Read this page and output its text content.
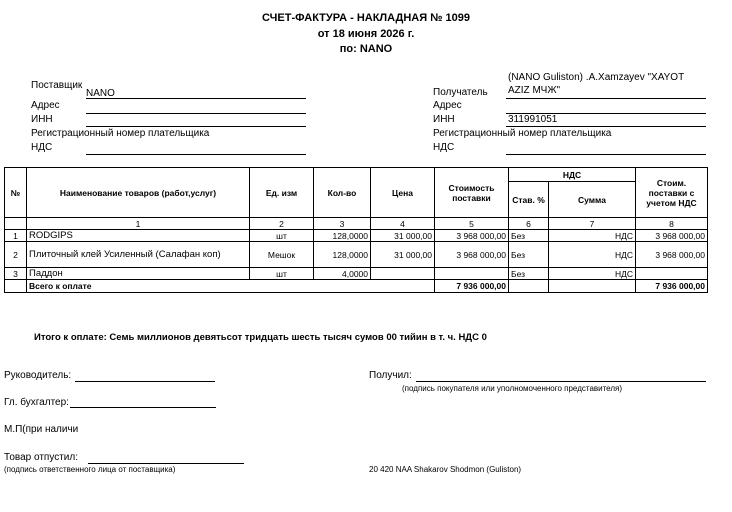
СЧЕТ-ФАКТУРА - НАКЛАДНАЯ № 1099
от 18 июня 2026 г.
по: NANO
Поставщик
NANO
Адрес
ИНН
Регистрационный номер плательщика
НДС
Получатель
(NANO Guliston) .A.Xamzayev "XAYOT
AZIZ МЧЖ"
Адрес
ИНН	311991051
Регистрационный номер плательщика
НДС
№	Наименование товаров (работ,услуг)	Ед. изм	Кол-во	Цена	Стоимость поставки	НДС		Стоим. поставки с учетом НДС
						Став. %	Сумма	
	1	2	3	4	5	6	7	8
1	RODGIPS	шт	128,0000	31 000,00	3 968 000,00	Без	НДС	3 968 000,00
2	Плиточный клей Усиленный (Салафан коп)	Мешок	128,0000	31 000,00	3 968 000,00	Без	НДС	3 968 000,00
3	Паддон	шт	4,0000			Без	НДС	
	Всего к оплате				7 936 000,00			7 936 000,00
Итого к оплате: Семь миллионов девятьсот тридцать шесть тысяч сумов 00 тийин в т. ч. НДС 0
Руководитель:
Гл. бухгалтер:
М.П(при наличи
Товар отпустил:
(подпись ответственного лица от поставщика)
Получил:
(подпись покупателя или уполномоченного представителя)
20 420 NAA Shakarov Shodmon (Guliston)
